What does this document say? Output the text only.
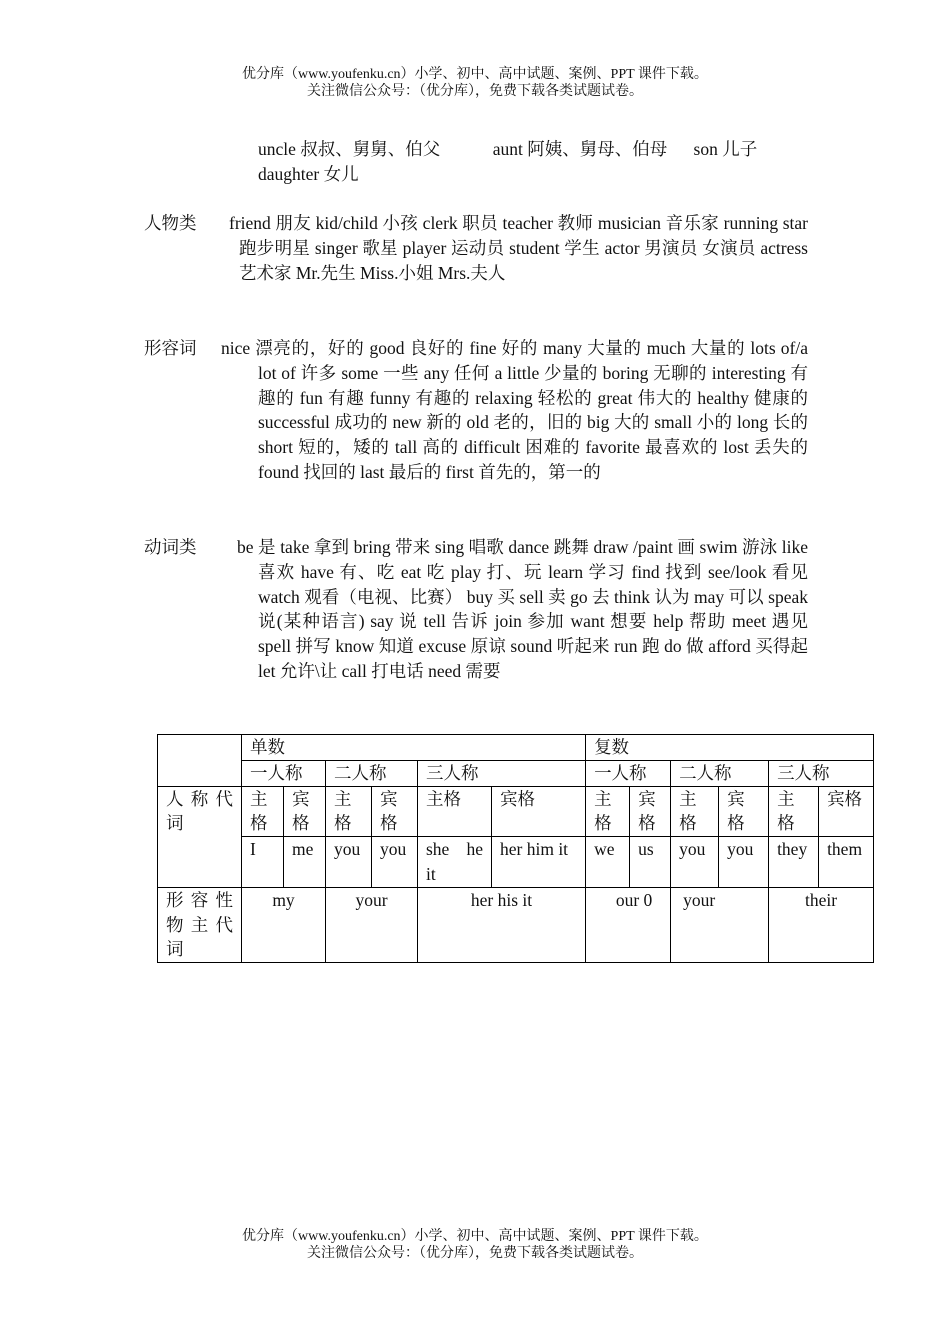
优分库（www.youfenku.cn）小学、初中、高中试题、案例、PPT 课件下载。
关注微信公众号：（优分库），免费下载各类试题试卷。
uncle 叔叔、舅舅、伯父            aunt 阿姨、舅母、伯母      son 儿子
daughter 女儿
人物类 friend 朋友 kid/child 小孩 clerk 职员 teacher 教师 musician 音乐家 running star 跑步明星 singer 歌星 player 运动员 student 学生 actor 男演员 女演员 actress 艺术家 Mr.先生 Miss.小姐 Mrs.夫人
形容词 nice 漂亮的，好的 good 良好的 fine 好的 many 大量的 much 大量的 lots of/a lot of 许多 some 一些 any 任何 a little 少量的 boring 无聊的 interesting 有趣的 fun 有趣 funny 有趣的 relaxing 轻松的 great 伟大的 healthy 健康的 successful 成功的 new 新的 old 老的，旧的 big 大的 small 小的 long 长的 short 短的，矮的 tall 高的 difficult 困难的 favorite 最喜欢的 lost 丢失的 found 找回的 last 最后的 first 首先的，第一的
动词类 be 是 take 拿到 bring 带来 sing 唱歌 dance 跳舞 draw /paint 画 swim 游泳 like 喜欢 have 有、吃 eat 吃 play 打、玩 learn 学习 find 找到 see/look 看见 watch 观看（电视、比赛） buy 买 sell 卖 go 去 think 认为 may 可以 speak 说(某种语言) say 说 tell 告诉 join 参加 want 想要 help 帮助 meet 遇见 spell 拼写 know 知道 excuse 原谅 sound 听起来 run 跑 do 做 afford 买得起 let 允许\让 call 打电话 need 需要
	单数						复数					
	一人称		二人称		三人称		一人称		二人称		三人称	
人称代词	主格	宾格	主格	宾格	主格	宾格	主格	宾格	主格	宾格	主格	宾格
	I	me	you	you	she he it	her him it	we	us	you	you	they	them
形容性物主代词	my		your		her his it		our 0		your		their	
优分库（www.youfenku.cn）小学、初中、高中试题、案例、PPT 课件下载。
关注微信公众号：（优分库），免费下载各类试题试卷。
